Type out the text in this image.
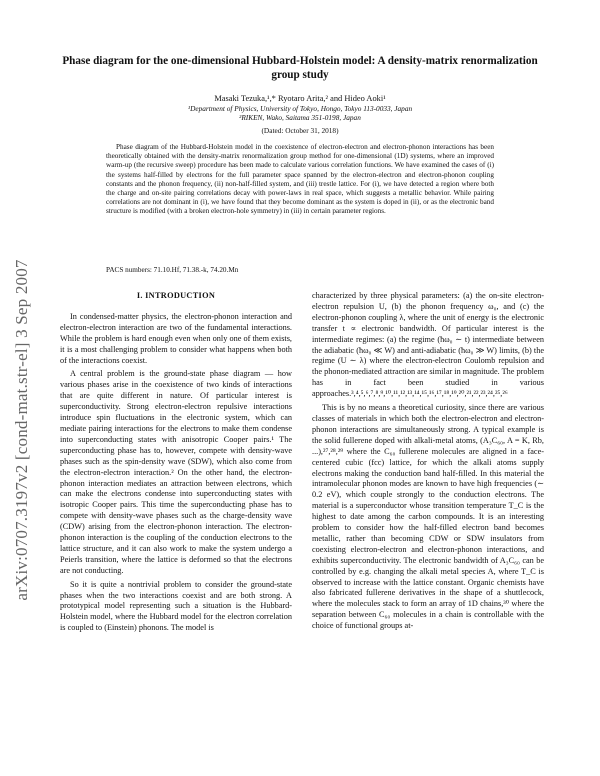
arXiv:0707.3197v2 [cond-mat.str-el] 3 Sep 2007
Phase diagram for the one-dimensional Hubbard-Holstein model: A density-matrix renormalization group study
Masaki Tezuka,¹,* Ryotaro Arita,² and Hideo Aoki¹
¹Department of Physics, University of Tokyo, Hongo, Tokyo 113-0033, Japan
²RIKEN, Wako, Saitama 351-0198, Japan
(Dated: October 31, 2018)
Phase diagram of the Hubbard-Holstein model in the coexistence of electron-electron and electron-phonon interactions has been theoretically obtained with the density-matrix renormalization group method for one-dimensional (1D) systems, where an improved warm-up (the recursive sweep) procedure has been made to calculate various correlation functions. We have examined the cases of (i) the systems half-filled by electrons for the full parameter space spanned by the electron-electron and electron-phonon coupling constants and the phonon frequency, (ii) non-half-filled system, and (iii) trestle lattice. For (i), we have detected a region where both the charge and on-site pairing correlations decay with power-laws in real space, which suggests a metallic behavior. While pairing correlations are not dominant in (i), we have found that they become dominant as the system is doped in (ii), or as the electronic band structure is modified (with a broken electron-hole symmetry) in (iii) in certain parameter regions.
PACS numbers: 71.10.Hf, 71.38.-k, 74.20.Mn
I. INTRODUCTION

In condensed-matter physics, the electron-phonon interaction and electron-electron interaction are two of the fundamental interactions. While the problem is hard enough even when only one of them exists, it is a most challenging problem to consider what happens when both of the interactions coexist.

A central problem is the ground-state phase diagram — how various phases arise in the coexistence of two kinds of interactions that are quite different in nature. Of particular interest is superconductivity. Strong electron-electron repulsive interactions introduce spin fluctuations in the electronic system, which can mediate pairing interactions for the electrons to make them condense into superconducting states with anisotropic Cooper pairs.¹ The superconducting phase has to, however, compete with density-wave phases such as the spin-density wave (SDW), which also come from the electron-electron interaction.² On the other hand, the electron-phonon interaction mediates an attraction between electrons, which can make the electrons condense into superconducting states with isotropic Cooper pairs. This time the superconducting phase has to compete with density-wave phases such as the charge-density wave (CDW) arising from the electron-phonon interaction. The electron-phonon interaction is the coupling of the conduction electrons to the lattice structure, and it can also work to make the system undergo a Peierls transition, where the lattice is deformed so that the electrons are not conducting.

So it is quite a nontrivial problem to consider the ground-state phases when the two interactions coexist and are both strong. A prototypical model representing such a situation is the Hubbard-Holstein model, where the Hubbard model for the electron correlation is coupled to (Einstein) phonons. The model is

characterized by three physical parameters: (a) the on-site electron-electron repulsion U, (b) the phonon frequency ω₀, and (c) the electron-phonon coupling λ, where the unit of energy is the electronic transfer t ∝ electronic bandwidth. Of particular interest is the intermediate regimes: (a) the regime (ħω₀ ∼ t) intermediate between the adiabatic (ħω₀ ≪ W) and anti-adiabatic (ħω₀ ≫ W) limits, (b) the regime (U ∼ λ) where the electron-electron Coulomb repulsion and the phonon-mediated attraction are similar in magnitude. The problem has in fact been studied in various approaches.³,⁴,⁵,⁶,⁷,⁸,⁹,¹⁰,¹¹,¹²,¹³,¹⁴,¹⁵,¹⁶,¹⁷,¹⁸,¹⁹,²⁰,²¹,²²,²³,²⁴,²⁵,²⁶

This is by no means a theoretical curiosity, since there are various classes of materials in which both the electron-electron and electron-phonon interactions are simultaneously strong. A typical example is the solid fullerene doped with alkali-metal atoms, (A₃C₆₀, A = K, Rb, ...),²⁷,²⁸,²⁹ where the C₆₀ fullerene molecules are aligned in a face-centered cubic (fcc) lattice, for which the alkali atoms supply electrons making the conduction band half-filled. In this material the intramolecular phonon modes are known to have high frequencies (∼ 0.2 eV), which couple strongly to the conduction electrons. The material is a superconductor whose transition temperature T_C is the highest to date among the carbon compounds. It is an interesting problem to consider how the half-filled electron band becomes metallic, rather than becoming CDW or SDW insulators from coexisting electron-electron and electron-phonon interactions, and exhibits superconductivity. The electronic bandwidth of A₃C₆₀ can be controlled by e.g. changing the alkali metal species A, where T_C is observed to increase with the lattice constant. Organic chemists have also fabricated fullerene derivatives in the shape of a shuttlecock, where the molecules stack to form an array of 1D chains,³⁰ where the separation between C₆₀ molecules in a chain is controllable with the choice of functional groups at-
